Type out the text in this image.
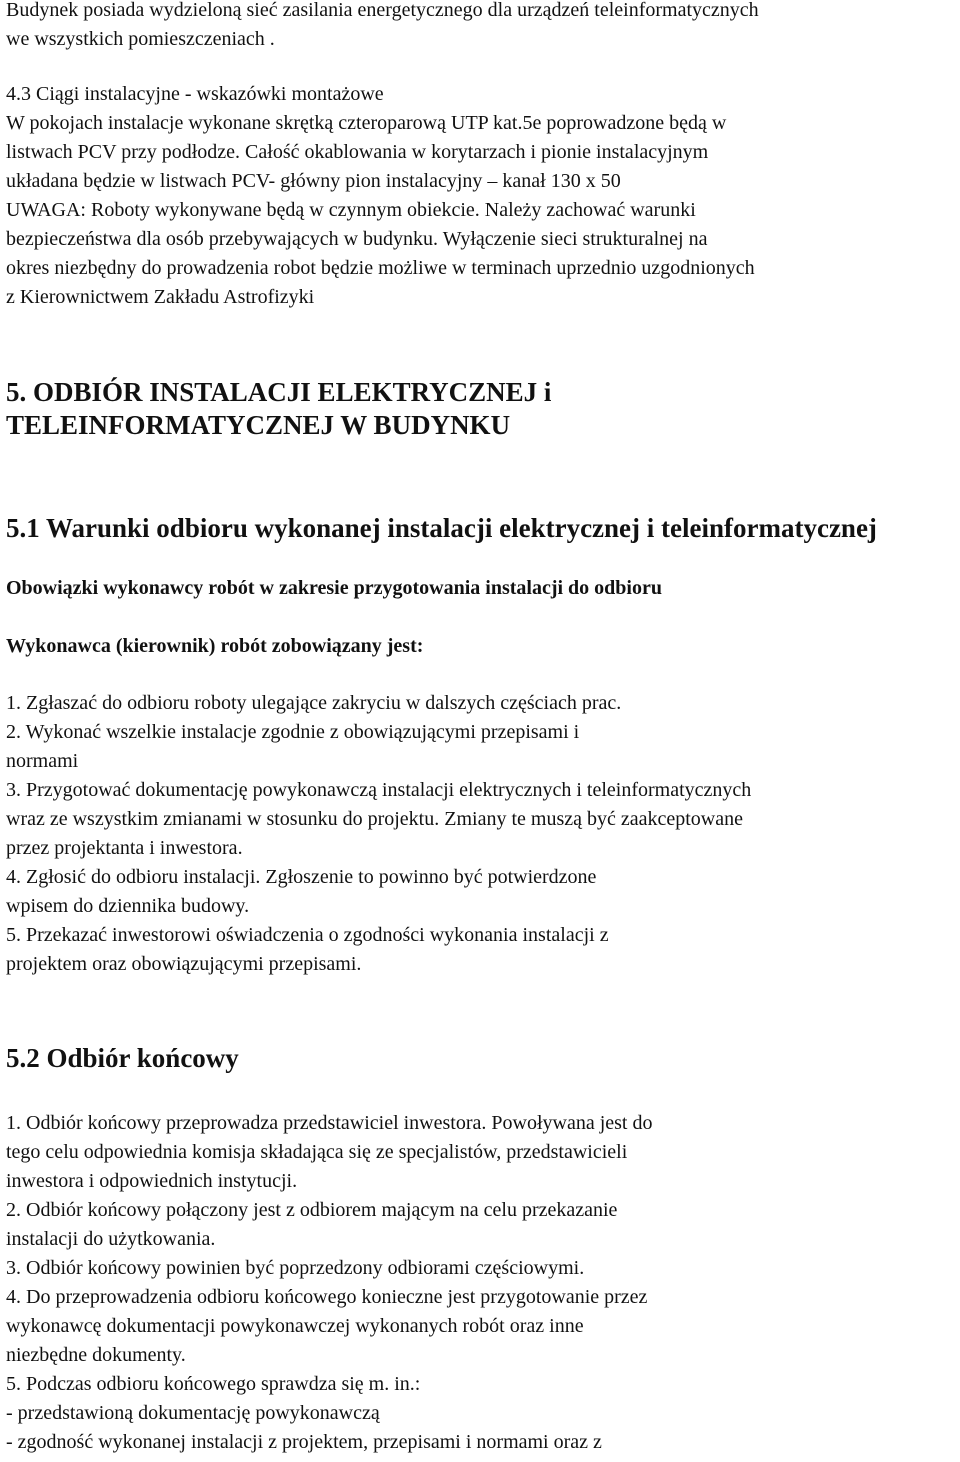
Budynek posiada wydzieloną sieć zasilania energetycznego dla urządzeń teleinformatycznych

we wszystkich pomieszczeniach .

4.3 Ciągi instalacyjne - wskazówki montażowe

W pokojach instalacje wykonane skrętką czteroparową UTP kat.5e poprowadzone będą w

listwach PCV przy podłodze. Całość okablowania w korytarzach i pionie instalacyjnym

układana będzie w listwach PCV- główny pion instalacyjny – kanał 130 x 50

UWAGA: Roboty wykonywane będą w czynnym obiekcie. Należy zachować warunki

bezpieczeństwa dla osób przebywających w budynku. Wyłączenie sieci strukturalnej na

okres niezbędny do prowadzenia robot będzie możliwe w terminach uprzednio uzgodnionych

z Kierownictwem Zakładu Astrofizyki

5. ODBIÓR INSTALACJI ELEKTRYCZNEJ i

TELEINFORMATYCZNEJ W BUDYNKU

5.1 Warunki odbioru wykonanej instalacji elektrycznej i teleinformatycznej

Obowiązki wykonawcy robót w zakresie przygotowania instalacji do odbioru

Wykonawca (kierownik) robót zobowiązany jest:

1. Zgłaszać do odbioru roboty ulegające zakryciu w dalszych częściach prac.

2. Wykonać wszelkie instalacje zgodnie z obowiązującymi przepisami i

normami

3. Przygotować dokumentację powykonawczą instalacji elektrycznych i teleinformatycznych

wraz ze wszystkim zmianami w stosunku do projektu. Zmiany te muszą być zaakceptowane

przez projektanta i inwestora.

4. Zgłosić do odbioru instalacji. Zgłoszenie to powinno być potwierdzone

wpisem do dziennika budowy.

5. Przekazać inwestorowi oświadczenia o zgodności wykonania instalacji z

projektem oraz obowiązującymi przepisami.

5.2 Odbiór końcowy

1. Odbiór końcowy przeprowadza przedstawiciel inwestora. Powoływana jest do

tego celu odpowiednia komisja składająca się ze specjalistów, przedstawicieli

inwestora i odpowiednich instytucji.

2. Odbiór końcowy połączony jest z odbiorem mającym na celu przekazanie

instalacji do użytkowania.

3. Odbiór końcowy powinien być poprzedzony odbiorami częściowymi.

4. Do przeprowadzenia odbioru końcowego konieczne jest przygotowanie przez

wykonawcę dokumentacji powykonawczej wykonanych robót oraz inne

niezbędne dokumenty.

5. Podczas odbioru końcowego sprawdza się m. in.:

- przedstawioną dokumentację powykonawczą

- zgodność wykonanej instalacji z projektem, przepisami i normami oraz z
